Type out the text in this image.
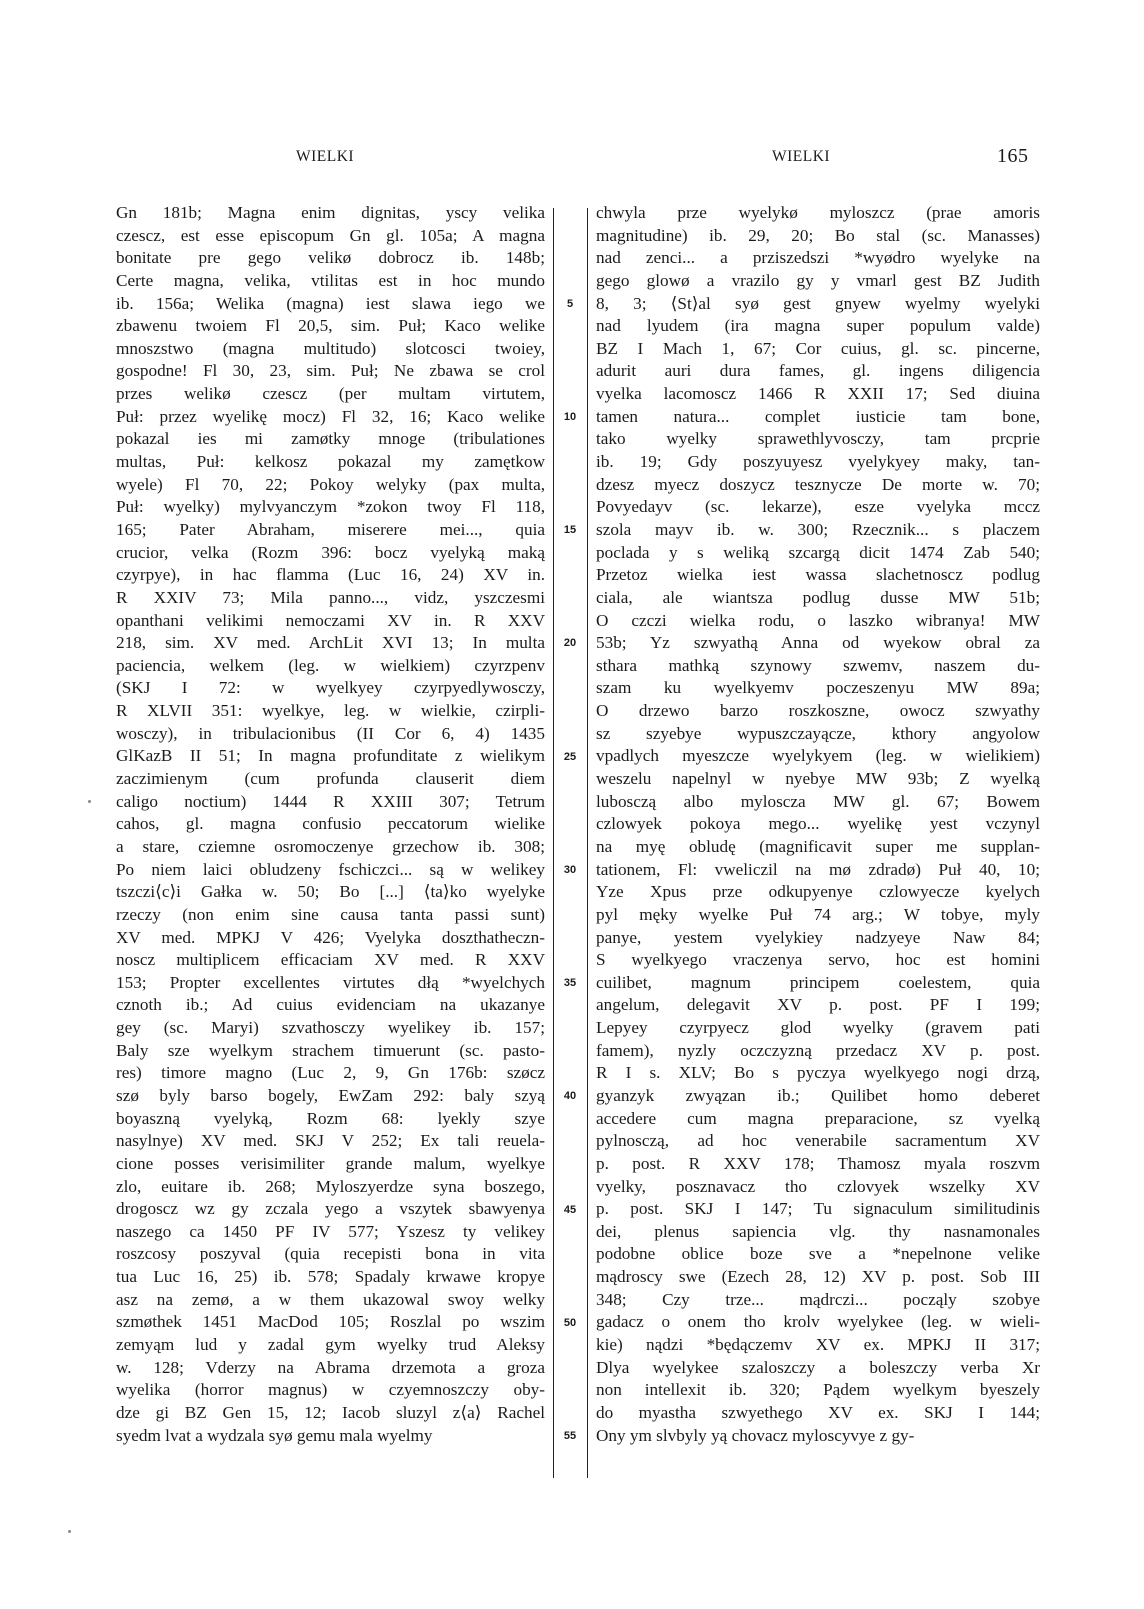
WIELKI	WIELKI	165
Gn 181b; Magna enim dignitas, yscy velika
czescz, est esse episcopum Gn gl. 105a; A magna
bonitate pre gego velikø dobrocz ib. 148b;
Certe magna, velika, vtilitas est in hoc mundo
ib. 156a; Welika (magna) iest slawa iego we
zbawenu twoiem Fl 20,5, sim. Puł; Kaco welike
mnoszstwo (magna multitudo) slotcosci twoiey,
gospodne! Fl 30, 23, sim. Puł; Ne zbawa se crol
przes welikø czescz (per multam virtutem,
Puł: przez wyelikę mocz) Fl 32, 16; Kaco welike
pokazal ies mi zamøtky mnoge (tribulationes
multas, Puł: kelkosz pokazal my zamętkow
wyele) Fl 70, 22; Pokoy welyky (pax multa,
Puł: wyelky) mylvyanczym *zokon twoy Fl 118,
165; Pater Abraham, miserere mei..., quia
crucior, velka (Rozm 396: bocz vyelyką maką
czyrpye), in hac flamma (Luc 16, 24) XV in.
R XXIV 73; Mila panno..., vidz, yszczesmi
opanthani velikimi nemoczami XV in. R XXV
218, sim. XV med. ArchLit XVI 13; In multa
paciencia, welkem (leg. w wielkiem) czyrzpenv
(SKJ I 72: w wyelkyey czyrpyedlywosczy,
R XLVII 351: wyelkye, leg. w wielkie, czirpli-
wosczy), in tribulacionibus (II Cor 6, 4) 1435
GlKazB II 51; In magna profunditate z wielikym
zaczimienym (cum profunda clauserit diem
caligo noctium) 1444 R XXIII 307; Tetrum
cahos, gl. magna confusio peccatorum wielike
a stare, cziemne osromoczenye grzechow ib. 308;
Po niem laici obludzeny fschiczci... są w welikey
tszczi⟨c⟩i Gałka w. 50; Bo [...] ⟨ta⟩ko wyelyke
rzeczy (non enim sine causa tanta passi sunt)
XV med. MPKJ V 426; Vyelyka doszthatheczn-
noscz multiplicem efficaciam XV med. R XXV
153; Propter excellentes virtutes dłą *wyelchych
cznoth ib.; Ad cuius evidenciam na ukazanye
gey (sc. Maryi) szvathosczy wyelikey ib. 157;
Baly sze wyelkym strachem timuerunt (sc. pasto-
res) timore magno (Luc 2, 9, Gn 176b: szøcz
szø byly barso bogely, EwZam 292: baly szyą
boyaszną vyelyką, Rozm 68: lyekly szye
nasylnye) XV med. SKJ V 252; Ex tali reuela-
cione posses verisimiliter grande malum, wyelkye
zlo, euitare ib. 268; Myloszyerdze syna boszego,
drogoscz wz gy zczala yego a vszytek sbawyenya
naszego ca 1450 PF IV 577; Yszesz ty velikey
roszcosy poszyval (quia recepisti bona in vita
tua Luc 16, 25) ib. 578; Spadaly krwawe kropye
asz na zemø, a w them ukazowal swoy welky
szmøthek 1451 MacDod 105; Roszlal po wszim
zemyąm lud y zadal gym wyelky trud Aleksy
w. 128; Vderzy na Abrama drzemota a groza
wyelika (horror magnus) w czyemnoszczy oby-
dze gi BZ Gen 15, 12; Iacob sluzyl z⟨a⟩ Rachel
syedm lvat a wydzala syø gemu mala wyelmy
5
10
15
20
25
30
35
40
45
50
55
chwyla prze wyelykø myloszcz (prae amoris
magnitudine) ib. 29, 20; Bo stal (sc. Manasses)
nad zenci... a prziszedszi *wyødro wyelyke na
gego glowø a vrazilo gy y vmarl gest BZ Judith
8, 3; ⟨St⟩al syø gest gnyew wyelmy wyelyki
nad lyudem (ira magna super populum valde)
BZ I Mach 1, 67; Cor cuius, gl. sc. pincerne,
adurit auri dura fames, gl. ingens diligencia
vyelka lacomoscz 1466 R XXII 17; Sed diuina
tamen natura... complet iusticie tam bone,
tako wyelky sprawethlyvosczy, tam prcprie
ib. 19; Gdy poszyuyesz vyelykyey maky, tan-
dzesz myecz doszycz tesznycze De morte w. 70;
Povyedayv (sc. lekarze), esze vyelyka mccz
szola mayv ib. w. 300; Rzecznik... s placzem
poclada y s weliką szcargą dicit 1474 Zab 540;
Przetoz wielka iest wassa slachetnoscz podlug
ciala, ale wiantsza podlug dusse MW 51b;
O czczi wielka rodu, o laszko wibranya! MW
53b; Yz szwyathą Anna od wyekow obral za
sthara mathką szynowy szwemv, naszem du-
szam ku wyelkyemv poczeszenyu MW 89a;
O drzewo barzo roszkoszne, owocz szwyathy
sz szyebye wypuszczayącze, kthory angyolow
vpadlych myeszcze wyelykyem (leg. w wielikiem)
weszelu napelnyl w nyebye MW 93b; Z wyelką
lubosczą albo myloscza MW gl. 67; Bowem
czlowyek pokoya mego... wyelikę yest vczynyl
na myę obludę (magnificavit super me supplan-
tationem, Fl: vweliczil na mø zdradø) Puł 40, 10;
Yze Xpus prze odkupyenye czlowyecze kyelych
pyl męky wyelke Puł 74 arg.; W tobye, myly
panye, yestem vyelykiey nadzyeye Naw 84;
S wyelkyego vraczenya servo, hoc est homini
cuilibet, magnum principem coelestem, quia
angelum, delegavit XV p. post. PF I 199;
Lepyey czyrpyecz glod wyelky (gravem pati
famem), nyzly oczczyzną przedacz XV p. post.
R I s. XLV; Bo s pyczya wyelkyego nogi drzą,
gyanzyk zwyązan ib.; Quilibet homo deberet
accedere cum magna preparacione, sz vyelką
pylnosczą, ad hoc venerabile sacramentum XV
p. post. R XXV 178; Thamosz myala roszvm
vyelky, posznavacz tho czlovyek wszelky XV
p. post. SKJ I 147; Tu signaculum similitudinis
dei, plenus sapiencia vlg. thy nasnamonales
podobne oblice boze sve a *nepelnone velike
mądroscy swe (Ezech 28, 12) XV p. post. Sob III
348; Czy trze... mądrczi... począly szobye
gadacz o onem tho krolv wyelykee (leg. w wieli-
kie) nądzi *będączemv XV ex. MPKJ II 317;
Dlya wyelykee szaloszczy a boleszczy verba Xr
non intellexit ib. 320; Pądem wyelkym byeszely
do myastha szwyethego XV ex. SKJ I 144;
Ony ym slvbyly yą chovacz myloscyvye z gy-
